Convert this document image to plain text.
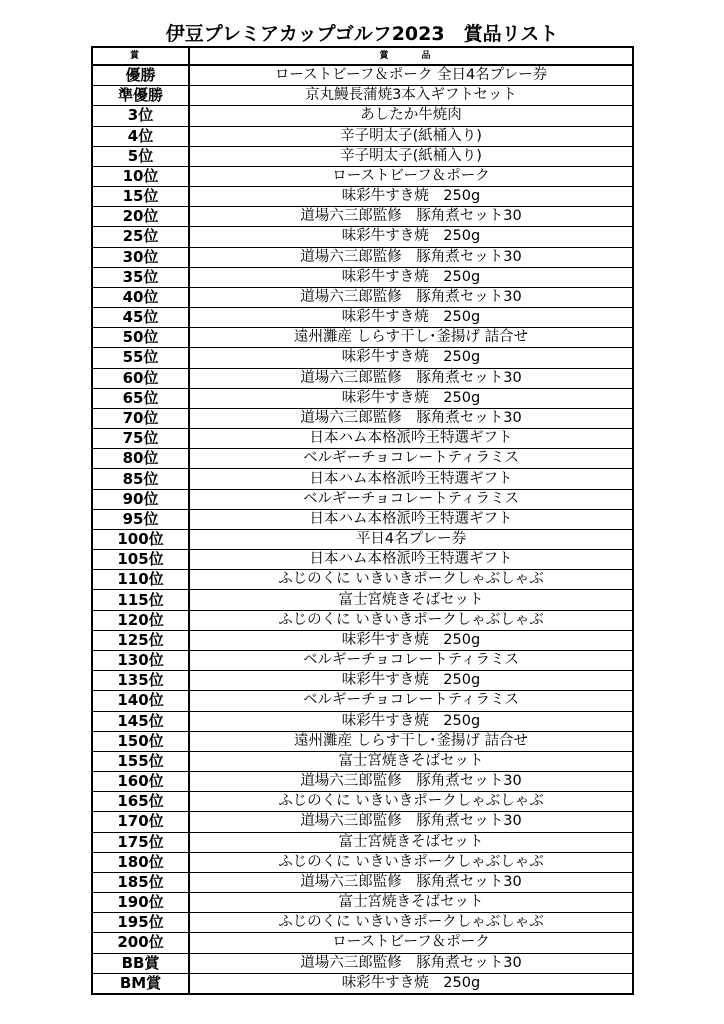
伊豆プレミアカップゴルフ2023　賞品リスト
賞	賞　品
優勝	ローストビーフ＆ポーク 全日4名プレー券
準優勝	京丸鰻長蒲焼3本入ギフトセット
3位	あしたか牛焼肉
4位	辛子明太子(紙桶入り)
5位	辛子明太子(紙桶入り)
10位	ローストビーフ＆ポーク
15位	味彩牛すき焼　250g
20位	道場六三郎監修　豚角煮セット30
25位	味彩牛すき焼　250g
30位	道場六三郎監修　豚角煮セット30
35位	味彩牛すき焼　250g
40位	道場六三郎監修　豚角煮セット30
45位	味彩牛すき焼　250g
50位	遠州灘産 しらす干し･釜揚げ 詰合せ
55位	味彩牛すき焼　250g
60位	道場六三郎監修　豚角煮セット30
65位	味彩牛すき焼　250g
70位	道場六三郎監修　豚角煮セット30
75位	日本ハム本格派吟王特選ギフト
80位	ベルギーチョコレートティラミス
85位	日本ハム本格派吟王特選ギフト
90位	ベルギーチョコレートティラミス
95位	日本ハム本格派吟王特選ギフト
100位	平日4名プレー券
105位	日本ハム本格派吟王特選ギフト
110位	ふじのくに いきいきポークしゃぶしゃぶ
115位	富士宮焼きそばセット
120位	ふじのくに いきいきポークしゃぶしゃぶ
125位	味彩牛すき焼　250g
130位	ベルギーチョコレートティラミス
135位	味彩牛すき焼　250g
140位	ベルギーチョコレートティラミス
145位	味彩牛すき焼　250g
150位	遠州灘産 しらす干し･釜揚げ 詰合せ
155位	富士宮焼きそばセット
160位	道場六三郎監修　豚角煮セット30
165位	ふじのくに いきいきポークしゃぶしゃぶ
170位	道場六三郎監修　豚角煮セット30
175位	富士宮焼きそばセット
180位	ふじのくに いきいきポークしゃぶしゃぶ
185位	道場六三郎監修　豚角煮セット30
190位	富士宮焼きそばセット
195位	ふじのくに いきいきポークしゃぶしゃぶ
200位	ローストビーフ＆ポーク
BB賞	道場六三郎監修　豚角煮セット30
BM賞	味彩牛すき焼　250g
